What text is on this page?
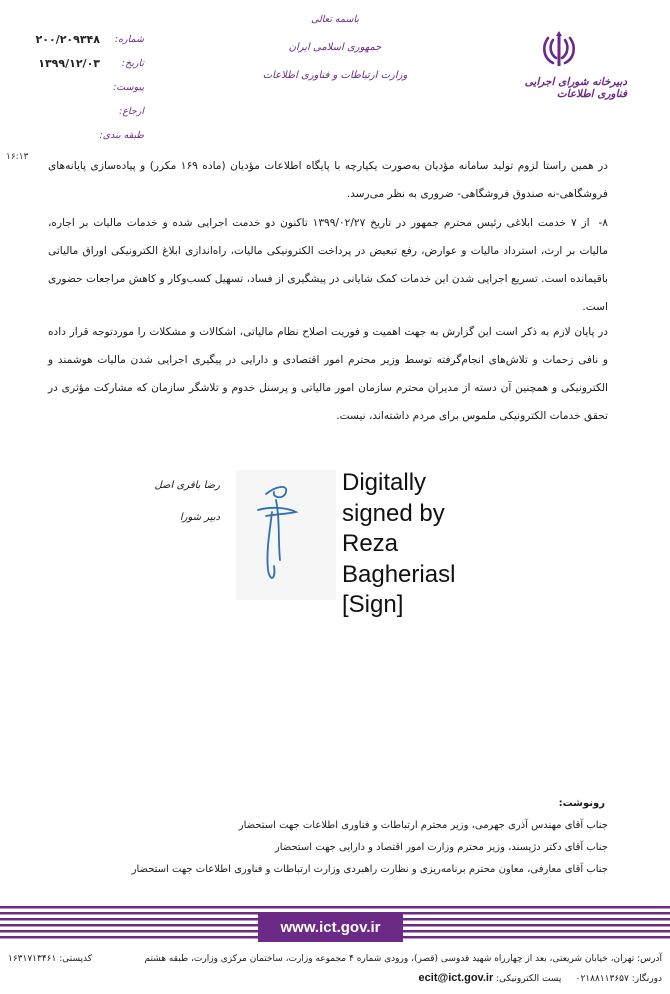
دبیرخانه شورای اجرایی فناوری اطلاعات
باسمه تعالی
جمهوری اسلامی ایران
وزارت ارتباطات و فناوری اطلاعات
شماره:
۲۰۰/۲۰۹۳۴۸
تاریخ:
۱۳۹۹/۱۲/۰۳
پیوست:
ارجاع:
طبقه بندی:
۱۶:۱۳

در همین راستا لزوم تولید سامانه مؤدیان به‌صورت یکپارچه با پایگاه اطلاعات مؤدیان (ماده ۱۶۹ مکرر) و پیاده‌سازی پایانه‌های فروشگاهی-نه صندوق فروشگاهی- ضروری به نظر می‌رسد.

۸- از ۷ خدمت ابلاغی رئیس محترم جمهور در تاریخ ۱۳۹۹/۰۲/۲۷ تاکنون دو خدمت اجرایی شده و خدمات مالیات بر اجاره، مالیات بر ارث، استرداد مالیات و عوارض، رفع تبعیض در پرداخت الکترونیکی مالیات، راه‌اندازی ابلاغ الکترونیکی اوراق مالیاتی باقیمانده است. تسریع اجرایی شدن این خدمات کمک شایانی در پیشگیری از فساد، تسهیل کسب‌وکار و کاهش مراجعات حضوری است.

در پایان لازم به ذکر است این گزارش به جهت اهمیت و فوریت اصلاح نظام مالیاتی، اشکالات و مشکلات را موردتوجه قرار داده و نافی زحمات و تلاش‌های انجام‌گرفته توسط وزیر محترم امور اقتصادی و دارایی در پیگیری اجرایی شدن مالیات هوشمند و الکترونیکی و همچنین آن دسته از مدیران محترم سازمان امور مالیاتی و پرسنل خدوم و تلاشگر سازمان که مشارکت مؤثری در تحقق خدمات الکترونیکی ملموس برای مردم داشته‌اند، نیست.

رضا باقری اصل
دبیر شورا
Digitally
signed by
Reza
Bagheriasl
[Sign]
رونوشت:
جناب آقای مهندس آذری جهرمی، وزیر محترم ارتباطات و فناوری اطلاعات جهت استحضار
جناب آقای دکتر دژپسند، وزیر محترم وزارت امور اقتصاد و دارایی جهت استحضار
جناب آقای معارفی، معاون محترم برنامه‌ریزی و نظارت راهبردی وزارت ارتباطات و فناوری اطلاعات جهت استحضار
www.ict.gov.ir
آدرس: تهران، خیابان شریعتی، بعد از چهارراه شهید قدوسی (قصر)، ورودی شماره ۴ مجموعه وزارت، ساختمان مرکزی وزارت، طبقه هشتم
کدپستی: ۱۶۳۱۷۱۳۴۶۱
دورنگار: ۰۲۱۸۸۱۱۳۶۵۷     پست الکترونیکی: ecit@ict.gov.ir
